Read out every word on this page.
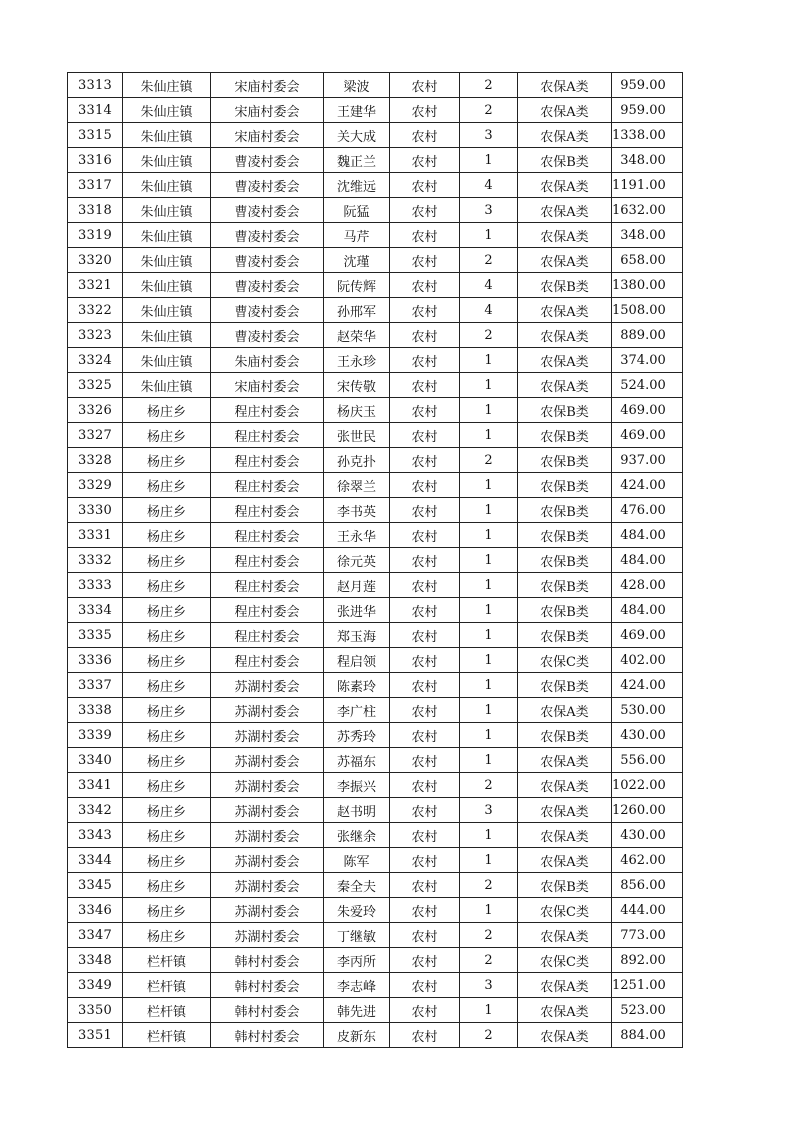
3313	朱仙庄镇	宋庙村委会	梁波	农村	2	农保A类	959.00
3314	朱仙庄镇	宋庙村委会	王建华	农村	2	农保A类	959.00
3315	朱仙庄镇	宋庙村委会	关大成	农村	3	农保A类	1338.00
3316	朱仙庄镇	曹凌村委会	魏正兰	农村	1	农保B类	348.00
3317	朱仙庄镇	曹凌村委会	沈维远	农村	4	农保A类	1191.00
3318	朱仙庄镇	曹凌村委会	阮猛	农村	3	农保A类	1632.00
3319	朱仙庄镇	曹凌村委会	马芹	农村	1	农保A类	348.00
3320	朱仙庄镇	曹凌村委会	沈瑾	农村	2	农保A类	658.00
3321	朱仙庄镇	曹凌村委会	阮传辉	农村	4	农保B类	1380.00
3322	朱仙庄镇	曹凌村委会	孙邢军	农村	4	农保A类	1508.00
3323	朱仙庄镇	曹凌村委会	赵荣华	农村	2	农保A类	889.00
3324	朱仙庄镇	朱庙村委会	王永珍	农村	1	农保A类	374.00
3325	朱仙庄镇	宋庙村委会	宋传敬	农村	1	农保A类	524.00
3326	杨庄乡	程庄村委会	杨庆玉	农村	1	农保B类	469.00
3327	杨庄乡	程庄村委会	张世民	农村	1	农保B类	469.00
3328	杨庄乡	程庄村委会	孙克扑	农村	2	农保B类	937.00
3329	杨庄乡	程庄村委会	徐翠兰	农村	1	农保B类	424.00
3330	杨庄乡	程庄村委会	李书英	农村	1	农保B类	476.00
3331	杨庄乡	程庄村委会	王永华	农村	1	农保B类	484.00
3332	杨庄乡	程庄村委会	徐元英	农村	1	农保B类	484.00
3333	杨庄乡	程庄村委会	赵月莲	农村	1	农保B类	428.00
3334	杨庄乡	程庄村委会	张进华	农村	1	农保B类	484.00
3335	杨庄乡	程庄村委会	郑玉海	农村	1	农保B类	469.00
3336	杨庄乡	程庄村委会	程启领	农村	1	农保C类	402.00
3337	杨庄乡	苏湖村委会	陈素玲	农村	1	农保B类	424.00
3338	杨庄乡	苏湖村委会	李广柱	农村	1	农保A类	530.00
3339	杨庄乡	苏湖村委会	苏秀玲	农村	1	农保B类	430.00
3340	杨庄乡	苏湖村委会	苏福东	农村	1	农保A类	556.00
3341	杨庄乡	苏湖村委会	李振兴	农村	2	农保A类	1022.00
3342	杨庄乡	苏湖村委会	赵书明	农村	3	农保A类	1260.00
3343	杨庄乡	苏湖村委会	张继余	农村	1	农保A类	430.00
3344	杨庄乡	苏湖村委会	陈军	农村	1	农保A类	462.00
3345	杨庄乡	苏湖村委会	秦全夫	农村	2	农保B类	856.00
3346	杨庄乡	苏湖村委会	朱爱玲	农村	1	农保C类	444.00
3347	杨庄乡	苏湖村委会	丁继敏	农村	2	农保A类	773.00
3348	栏杆镇	韩村村委会	李丙所	农村	2	农保C类	892.00
3349	栏杆镇	韩村村委会	李志峰	农村	3	农保A类	1251.00
3350	栏杆镇	韩村村委会	韩先进	农村	1	农保A类	523.00
3351	栏杆镇	韩村村委会	皮新东	农村	2	农保A类	884.00
